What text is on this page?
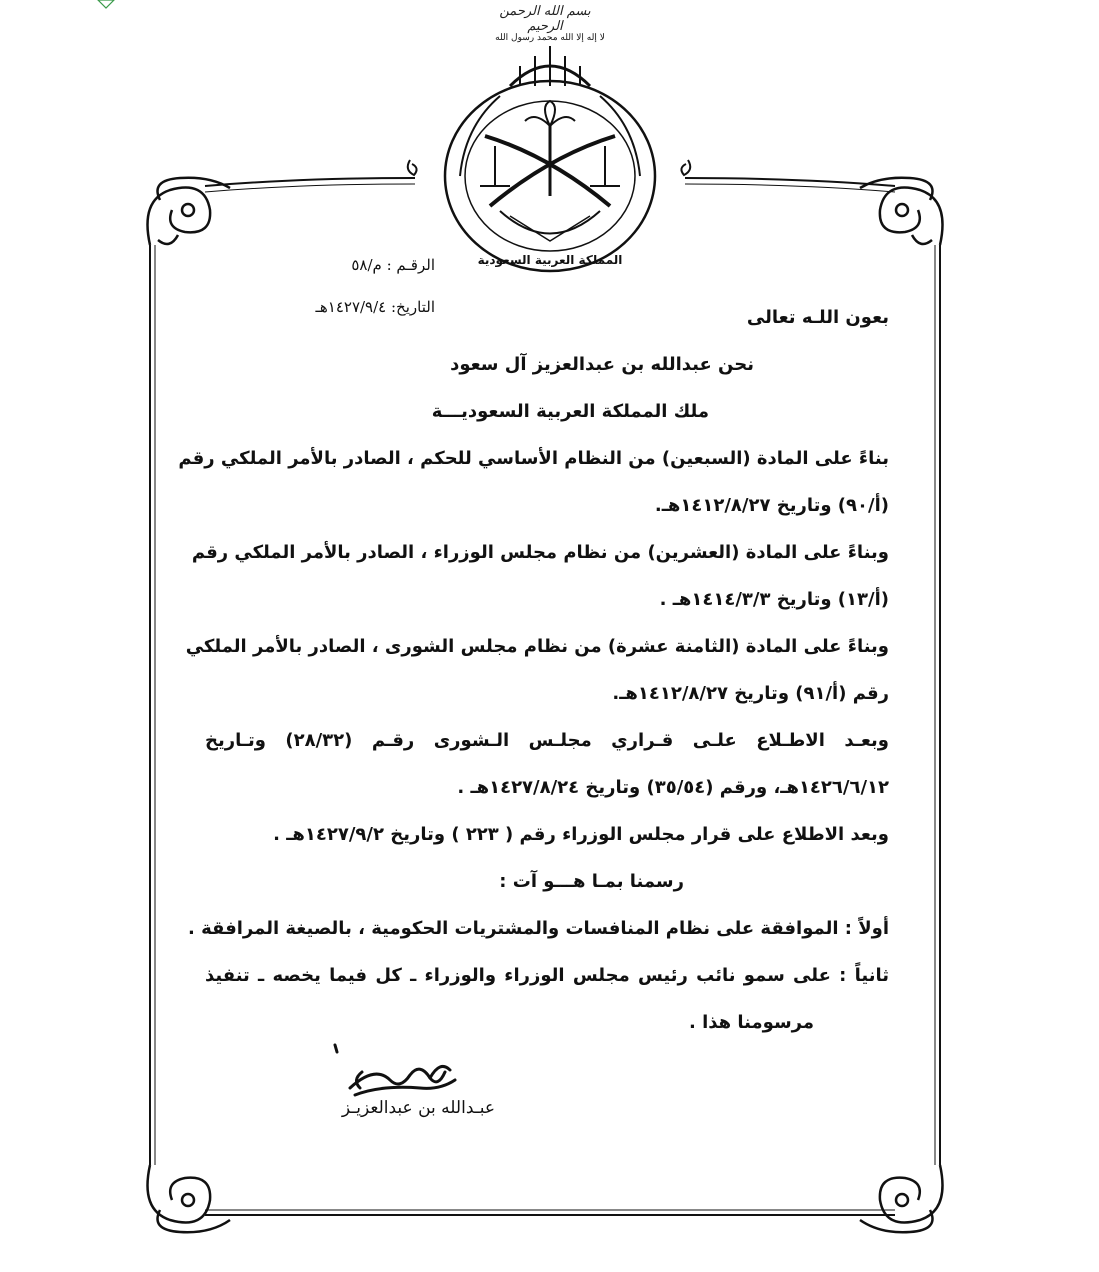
بسم الله الرحمن الرحيم
المملكة العربية السعودية
لا إله إلا الله محمد رسول الله
الرقـم : م/٥٨
التاريخ: ١٤٢٧/٩/٤هـ	بعون اللـه تعالى
نحن عبدالله بن عبدالعزيز آل سعود
ملك المملكة العربية السعوديـــة
بناءً على المادة (السبعين) من النظام الأساسي للحكم ، الصادر بالأمر الملكي رقم
(أ/٩٠) وتاريخ ١٤١٢/٨/٢٧هـ.
وبناءً على المادة (العشرين) من نظام مجلس الوزراء ، الصادر بالأمر الملكي رقم
(أ/١٣) وتاريخ ١٤١٤/٣/٣هـ .
وبناءً على المادة (الثامنة عشرة) من نظام مجلس الشورى ، الصادر بالأمر الملكي
رقم (أ/٩١) وتاريخ ١٤١٢/٨/٢٧هـ.
وبعـد الاطـلاع علـى قـراري مجلـس الـشورى رقـم (٢٨/٣٢) وتـاريخ
١٤٢٦/٦/١٢هـ، ورقم (٣٥/٥٤) وتاريخ ١٤٢٧/٨/٢٤هـ .
وبعد الاطلاع على قرار مجلس الوزراء رقم ( ٢٢٣ ) وتاريخ ١٤٢٧/٩/٢هـ .
رسمنا بمـا هـــو آت :
أولاً : الموافقة على نظام المنافسات والمشتريات الحكومية ، بالصيغة المرافقة .
ثانياً : على سمو نائب رئيس مجلس الوزراء والوزراء ـ كل فيما يخصه ـ تنفيذ
مرسومنا هذا .
عبـدالله بن عبدالعزيـز
